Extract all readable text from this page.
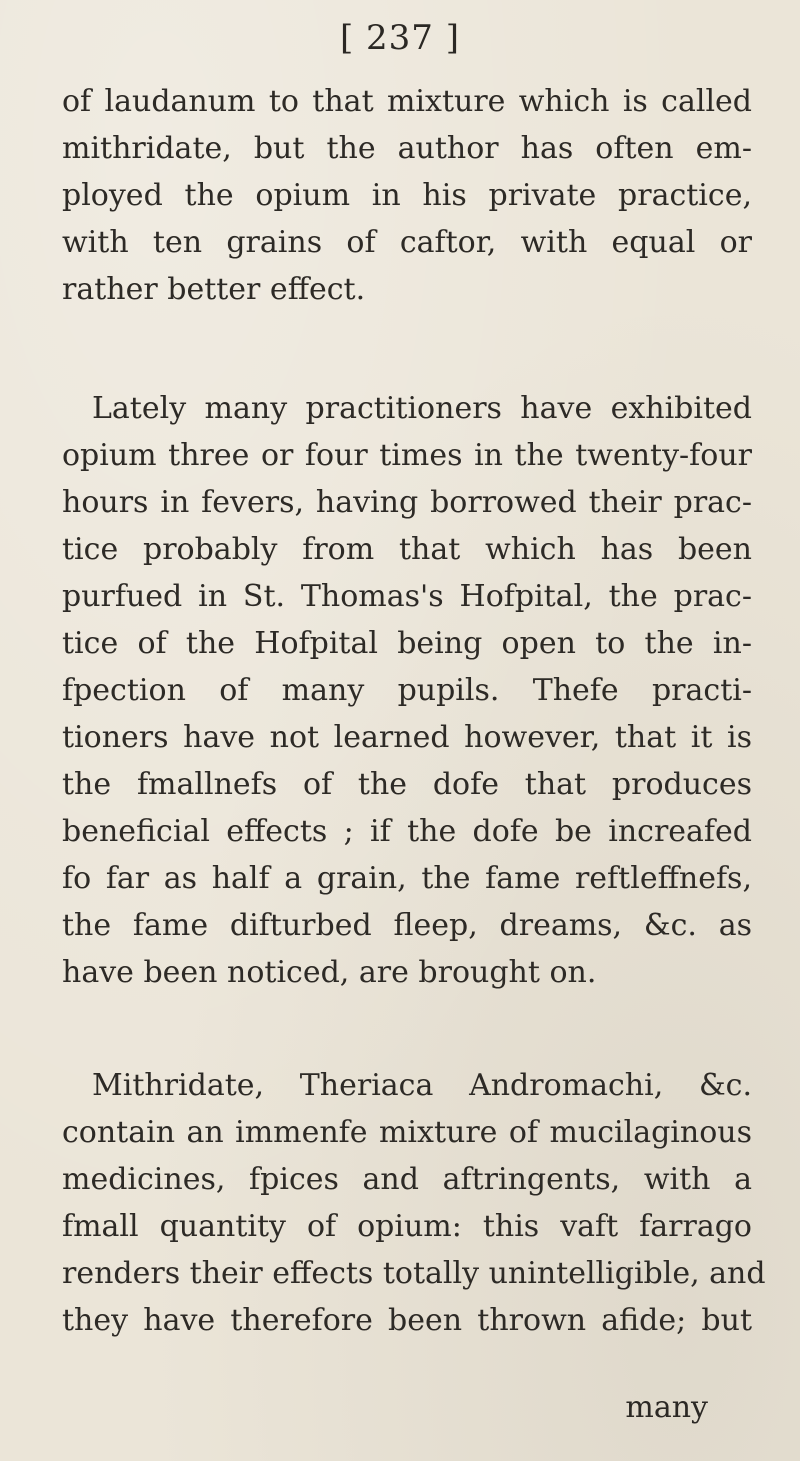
[ 237 ]
of laudanum to that mixture which is called
mithridate, but the author has often em-
ployed the opium in his private practice,
with ten grains of caftor, with equal or
rather better effect.
Lately many practitioners have exhibited
opium three or four times in the twenty-four
hours in fevers, having borrowed their prac-
tice probably from that which has been
purfued in St. Thomas's Hofpital, the prac-
tice of the Hofpital being open to the in-
fpection of many pupils. Thefe practi-
tioners have not learned however, that it is
the fmallnefs of the dofe that produces
beneficial effects ; if the dofe be increafed
fo far as half a grain, the fame reftleffnefs,
the fame difturbed fleep, dreams, &c. as
have been noticed, are brought on.
Mithridate, Theriaca Andromachi, &c.
contain an immenfe mixture of mucilaginous
medicines, fpices and aftringents, with a
fmall quantity of opium: this vaft farrago
renders their effects totally unintelligible, and
they have therefore been thrown afide; but
many
